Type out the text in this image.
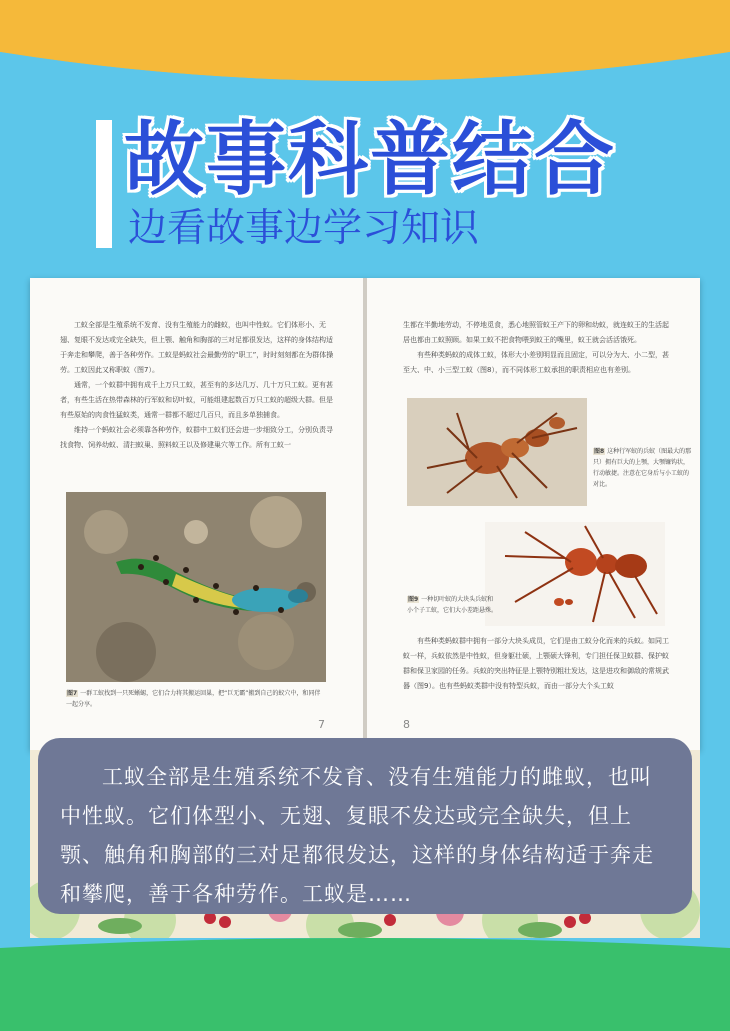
故事科普结合
边看故事边学习知识

工蚁全部是生殖系统不发育、没有生殖能力的雌蚁，也叫中性蚁。它们体形小、无翅、复眼不发达或完全缺失，但上颚、触角和胸部的三对足都很发达，这样的身体结构适于奔走和攀爬，善于各种劳作。工蚁是蚂蚁社会最勤劳的“职工”，时时刻刻都在为群体操劳。工蚁因此又称职蚁（图7）。

通常，一个蚁群中拥有成千上万只工蚁，甚至有的多达几万、几十万只工蚁。更有甚者，有些生活在热带森林的行军蚁和切叶蚁，可能组建起数百万只工蚁的超级大群。但是有些原始的肉食性猛蚁类，通常一群都不超过几百只，而且多单独捕食。

维持一个蚂蚁社会必须靠各种劳作，蚁群中工蚁们还会进一步细致分工，分别负责寻找食物、饲养幼蚁、清扫蚁巢、照料蚁王以及修建巢穴等工作。所有工蚁一

图7 一群工蚁找到一只死蜥蜴，它们合力将其搬运回巢，把“巨无霸”搬到自己的蚁穴中，和同伴一起分享。
7

生都在半勤地劳动，不停地觅食，悉心地照管蚁王产下的卵和幼蚁，就连蚁王的生活起居也都由工蚁照顾。如果工蚁不把食物喂到蚁王的嘴里，蚁王就会活活饿死。

有些种类蚂蚁的成体工蚁，体形大小差别明显而且固定，可以分为大、小二型，甚至大、中、小三型工蚁（图8），而不同体形工蚁承担的职责相应也有差别。

图8 这种行军蚁的兵蚁（图最大的那只）拥有巨大的上颚，大颚镰钩状，行动敏捷。注意在它身后与小工蚁的对比。
图9 一种切叶蚁的大块头兵蚁和小个子工蚁，它们大小差距悬殊。

有些种类蚂蚁群中拥有一部分大块头成员，它们是由工蚁分化而来的兵蚁。如同工蚁一样，兵蚁依然是中性蚁，但身躯壮硕，上颚硕大锋利，专门担任保卫蚁群、保护蚁群和保卫家园的任务。兵蚁的突出特征是上颚特别粗壮发达，这是进攻和御敌的常规武器（图9）。也有些蚂蚁类群中没有特型兵蚁，而由一部分大个头工蚁

8
工蚁全部是生殖系统不发育、没有生殖能力的雌蚁，也叫中性蚁。它们体型小、无翅、复眼不发达或完全缺失，但上颚、触角和胸部的三对足都很发达，这样的身体结构适于奔走和攀爬，善于各种劳作。工蚁是……
